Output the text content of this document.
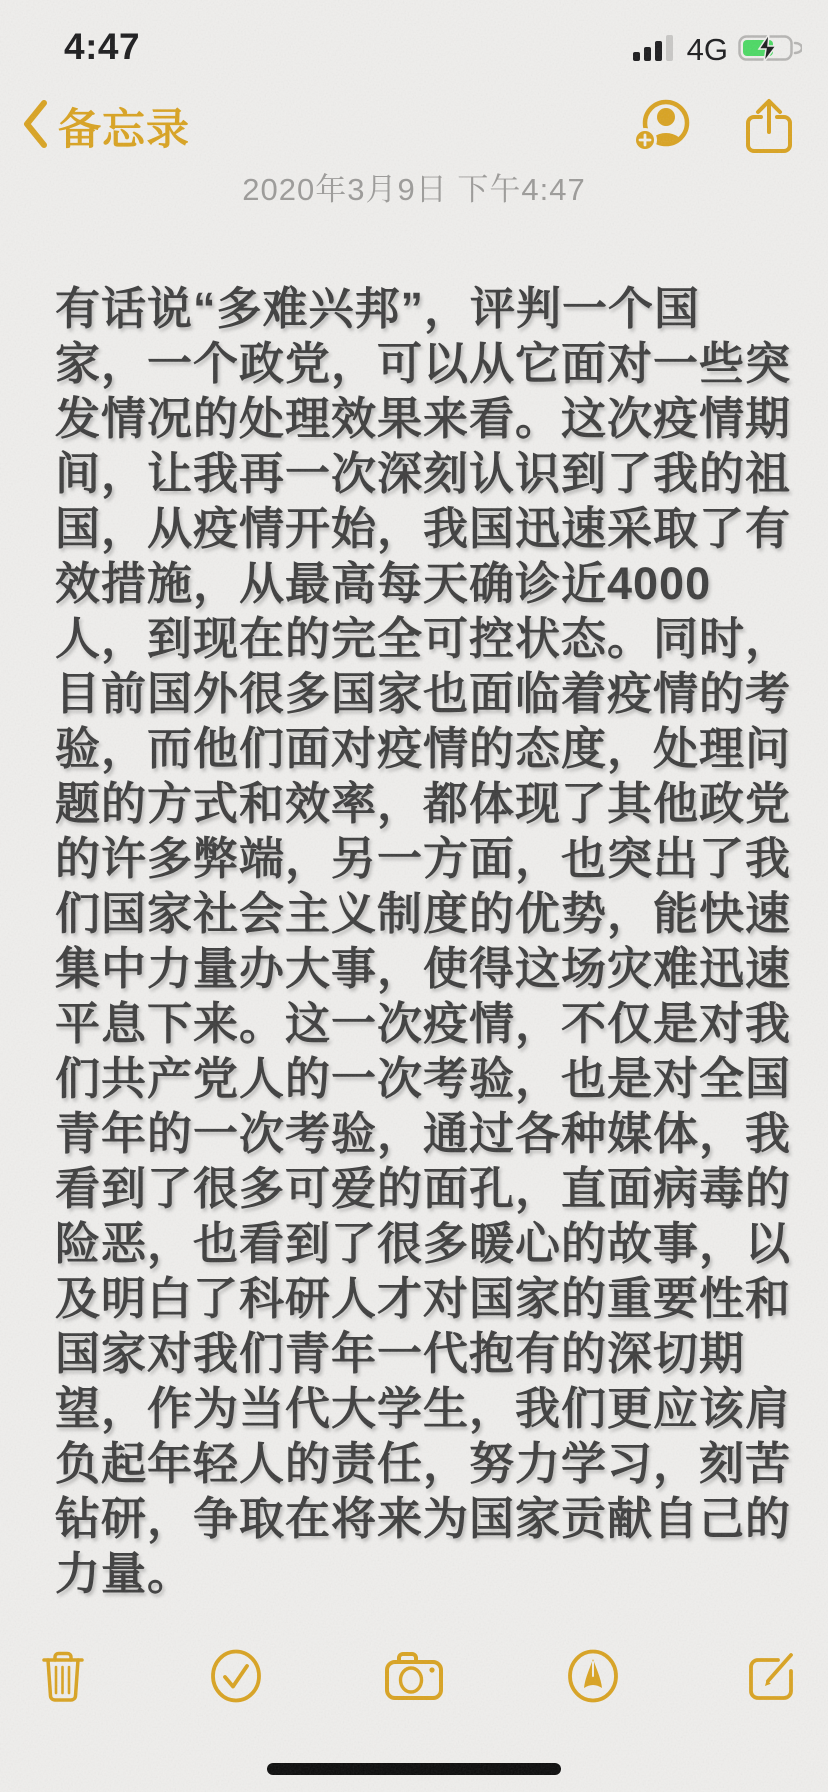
4:47	4G
备忘录
2020年3月9日 下午4:47
有话说“多难兴邦”，评判一个国
家，一个政党，可以从它面对一些突
发情况的处理效果来看。这次疫情期
间，让我再一次深刻认识到了我的祖
国，从疫情开始，我国迅速采取了有
效措施，从最高每天确诊近4000
人，到现在的完全可控状态。同时，
目前国外很多国家也面临着疫情的考
验，而他们面对疫情的态度，处理问
题的方式和效率，都体现了其他政党
的许多弊端，另一方面，也突出了我
们国家社会主义制度的优势，能快速
集中力量办大事，使得这场灾难迅速
平息下来。这一次疫情，不仅是对我
们共产党人的一次考验，也是对全国
青年的一次考验，通过各种媒体，我
看到了很多可爱的面孔，直面病毒的
险恶，也看到了很多暖心的故事，以
及明白了科研人才对国家的重要性和
国家对我们青年一代抱有的深切期
望，作为当代大学生，我们更应该肩
负起年轻人的责任，努力学习，刻苦
钻研，争取在将来为国家贡献自己的
力量。
